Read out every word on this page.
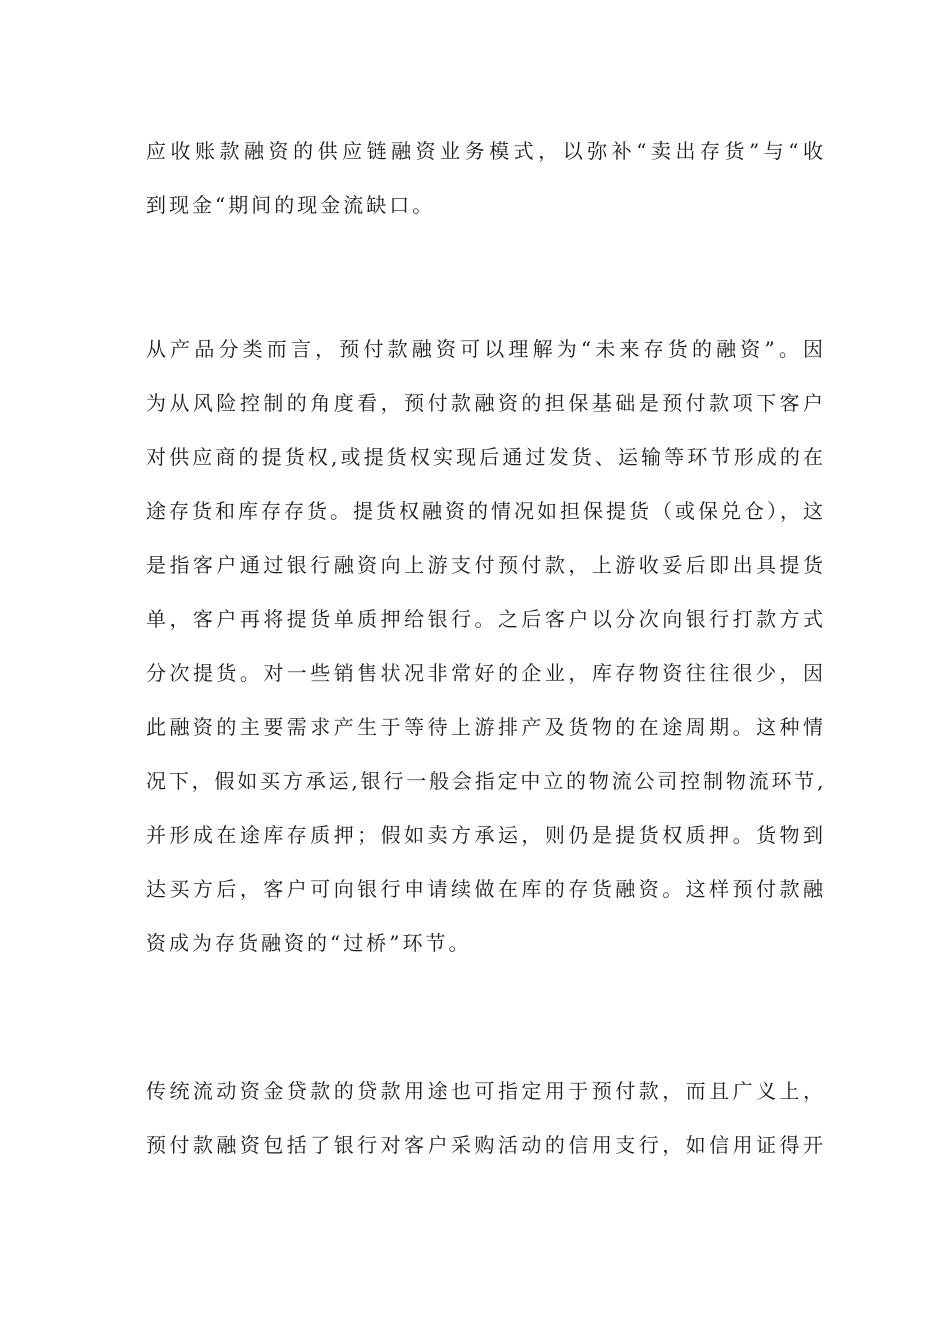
应收账款融资的供应链融资业务模式，以弥补“卖出存货”与“收
到现金“期间的现金流缺口。
从产品分类而言，预付款融资可以理解为“未来存货的融资”。因
为从风险控制的角度看，预付款融资的担保基础是预付款项下客户
对供应商的提货权,或提货权实现后通过发货、运输等环节形成的在
途存货和库存存货。提货权融资的情况如担保提货（或保兑仓），这
是指客户通过银行融资向上游支付预付款，上游收妥后即出具提货
单，客户再将提货单质押给银行。之后客户以分次向银行打款方式
分次提货。对一些销售状况非常好的企业，库存物资往往很少，因
此融资的主要需求产生于等待上游排产及货物的在途周期。这种情
况下，假如买方承运,银行一般会指定中立的物流公司控制物流环节,
并形成在途库存质押；假如卖方承运，则仍是提货权质押。货物到
达买方后，客户可向银行申请续做在库的存货融资。这样预付款融
资成为存货融资的“过桥”环节。
传统流动资金贷款的贷款用途也可指定用于预付款，而且广义上，
预付款融资包括了银行对客户采购活动的信用支行，如信用证得开
